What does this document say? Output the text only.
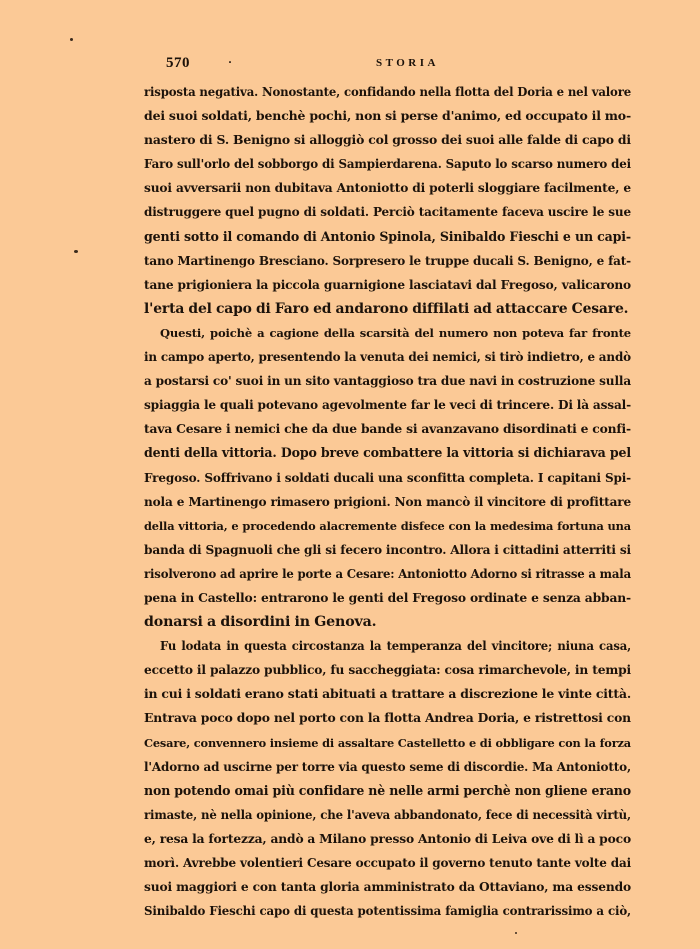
570	·	STORIA
risposta negativa. Nonostante, confidando nella flotta del Doria e nel valore
dei suoi soldati, benchè pochi, non si perse d'animo, ed occupato il mo-
nastero di S. Benigno si alloggiò col grosso dei suoi alle falde di capo di
Faro sull'orlo del sobborgo di Sampierdarena. Saputo lo scarso numero dei
suoi avversarii non dubitava Antoniotto di poterli sloggiare facilmente, e
distruggere quel pugno di soldati. Perciò tacitamente faceva uscire le sue
genti sotto il comando di Antonio Spinola, Sinibaldo Fieschi e un capi-
tano Martinengo Bresciano. Sorpresero le truppe ducali S. Benigno, e fat-
tane prigioniera la piccola guarnigione lasciatavi dal Fregoso, valicarono
l'erta del capo di Faro ed andarono diffilati ad attaccare Cesare.
Questi, poichè a cagione della scarsità del numero non poteva far fronte
in campo aperto, presentendo la venuta dei nemici, si tirò indietro, e andò
a postarsi co' suoi in un sito vantaggioso tra due navi in costruzione sulla
spiaggia le quali potevano agevolmente far le veci di trincere. Di là assal-
tava Cesare i nemici che da due bande si avanzavano disordinati e confi-
denti della vittoria. Dopo breve combattere la vittoria si dichiarava pel
Fregoso. Soffrivano i soldati ducali una sconfitta completa. I capitani Spi-
nola e Martinengo rimasero prigioni. Non mancò il vincitore di profittare
della vittoria, e procedendo alacremente disfece con la medesima fortuna una
banda di Spagnuoli che gli si fecero incontro. Allora i cittadini atterriti si
risolverono ad aprire le porte a Cesare: Antoniotto Adorno si ritrasse a mala
pena in Castello: entrarono le genti del Fregoso ordinate e senza abban-
donarsi a disordini in Genova.
Fu lodata in questa circostanza la temperanza del vincitore; niuna casa,
eccetto il palazzo pubblico, fu saccheggiata: cosa rimarchevole, in tempi
in cui i soldati erano stati abituati a trattare a discrezione le vinte città.
Entrava poco dopo nel porto con la flotta Andrea Doria, e ristrettosi con
Cesare, convennero insieme di assaltare Castelletto e di obbligare con la forza
l'Adorno ad uscirne per torre via questo seme di discordie. Ma Antoniotto,
non potendo omai più confidare nè nelle armi perchè non gliene erano
rimaste, nè nella opinione, che l'aveva abbandonato, fece di necessità virtù,
e, resa la fortezza, andò a Milano presso Antonio di Leiva ove di lì a poco
morì. Avrebbe volentieri Cesare occupato il governo tenuto tante volte dai
suoi maggiori e con tanta gloria amministrato da Ottaviano, ma essendo
Sinibaldo Fieschi capo di questa potentissima famiglia contrarissimo a ciò,
